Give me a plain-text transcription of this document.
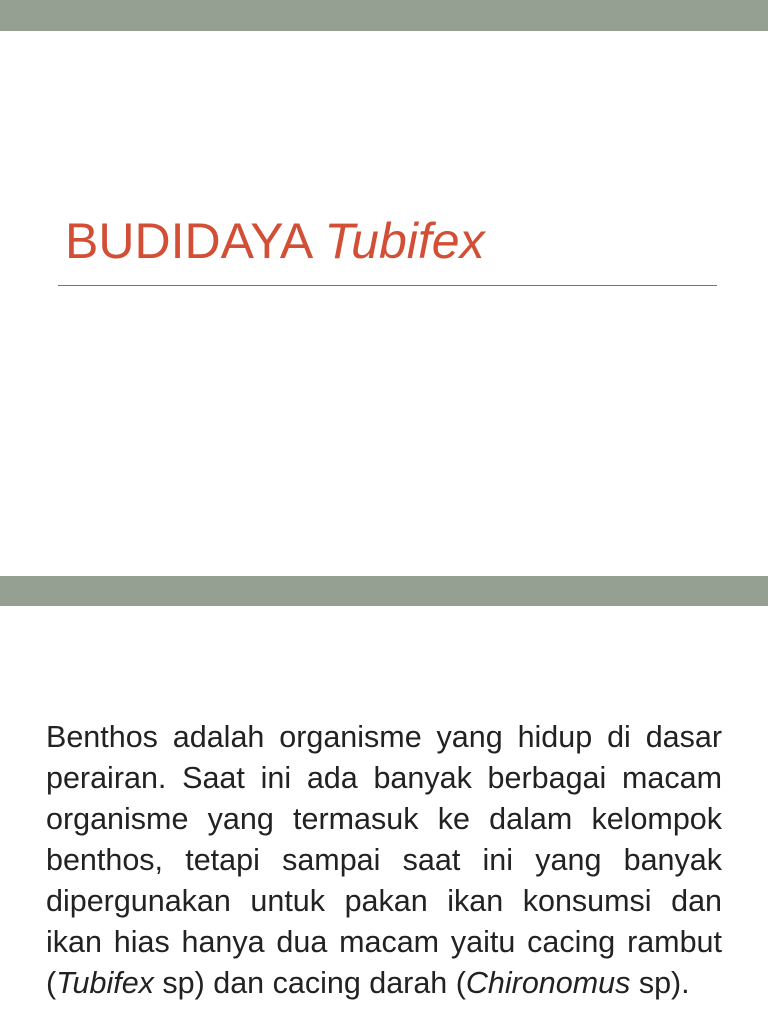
BUDIDAYA Tubifex

Benthos adalah organisme yang hidup di dasar perairan. Saat ini ada banyak berbagai macam organisme yang termasuk ke dalam kelompok benthos, tetapi sampai saat ini yang banyak dipergunakan untuk pakan ikan konsumsi dan ikan hias hanya dua macam yaitu cacing rambut (Tubifex sp) dan cacing darah (Chironomus sp).
